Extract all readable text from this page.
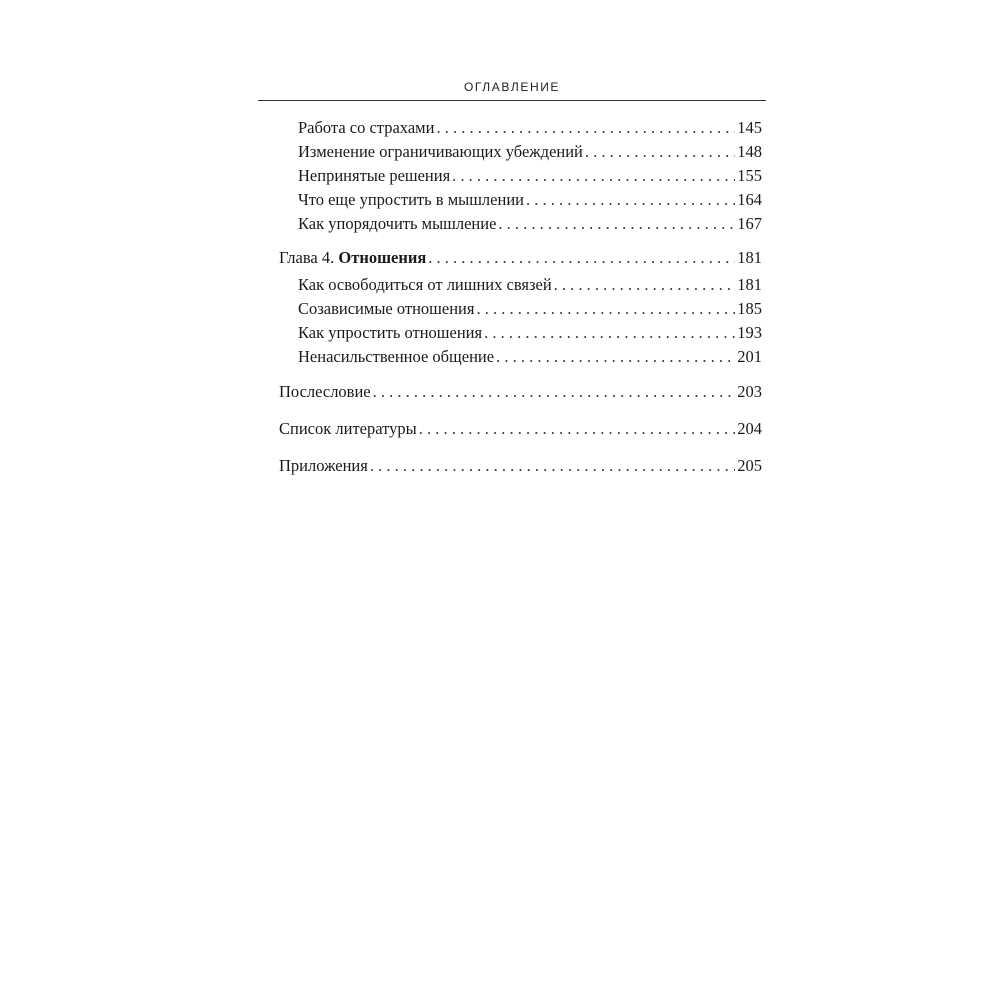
ОГЛАВЛЕНИЕ
Работа со страхами . . .	145
Изменение ограничивающих убеждений . . .	148
Непринятые решения . . .	155
Что еще упростить в мышлении . . .	164
Как упорядочить мышление . . .	167
Глава 4. Отношения . . .	181
Как освободиться от лишних связей . . .	181
Созависимые отношения . . .	185
Как упростить отношения . . .	193
Ненасильственное общение . . .	201
Послесловие . . .	203
Список литературы . . .	204
Приложения . . .	205
